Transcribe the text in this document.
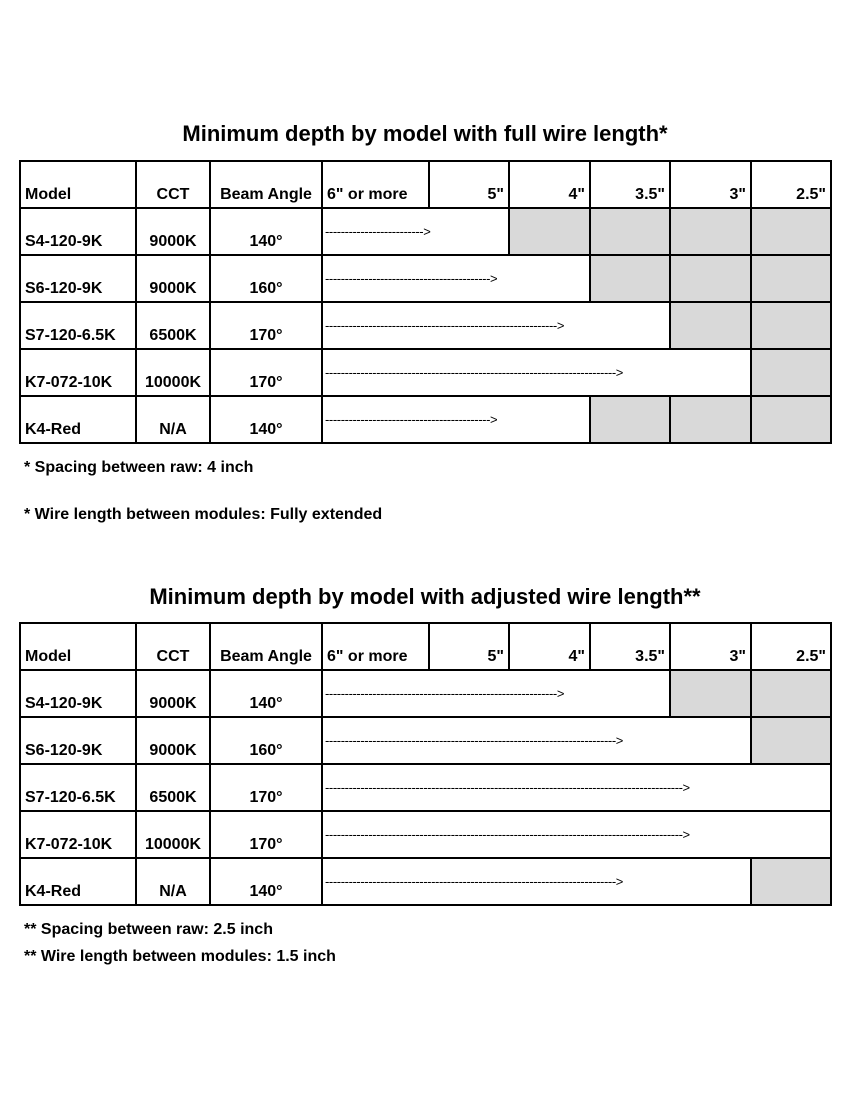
Minimum depth by model with full wire length*
Model	CCT	Beam Angle	6" or more	5"	4"	3.5"	3"	2.5"
S4-120-9K	9000K	140°	------------------------->					
S6-120-9K	9000K	160°	------------------------------------------>					
S7-120-6.5K	6500K	170°	----------------------------------------------------------->					
K7-072-10K	10000K	170°	-------------------------------------------------------------------------->					
K4-Red	N/A	140°	------------------------------------------>					
* Spacing between raw: 4 inch
* Wire length between modules: Fully extended
Minimum depth by model with adjusted wire length**
Model	CCT	Beam Angle	6" or more	5"	4"	3.5"	3"	2.5"
S4-120-9K	9000K	140°	----------------------------------------------------------->					
S6-120-9K	9000K	160°	-------------------------------------------------------------------------->					
S7-120-6.5K	6500K	170°	------------------------------------------------------------------------------------------->					
K7-072-10K	10000K	170°	------------------------------------------------------------------------------------------->					
K4-Red	N/A	140°	-------------------------------------------------------------------------->					
** Spacing between raw: 2.5 inch
** Wire length between modules: 1.5 inch
